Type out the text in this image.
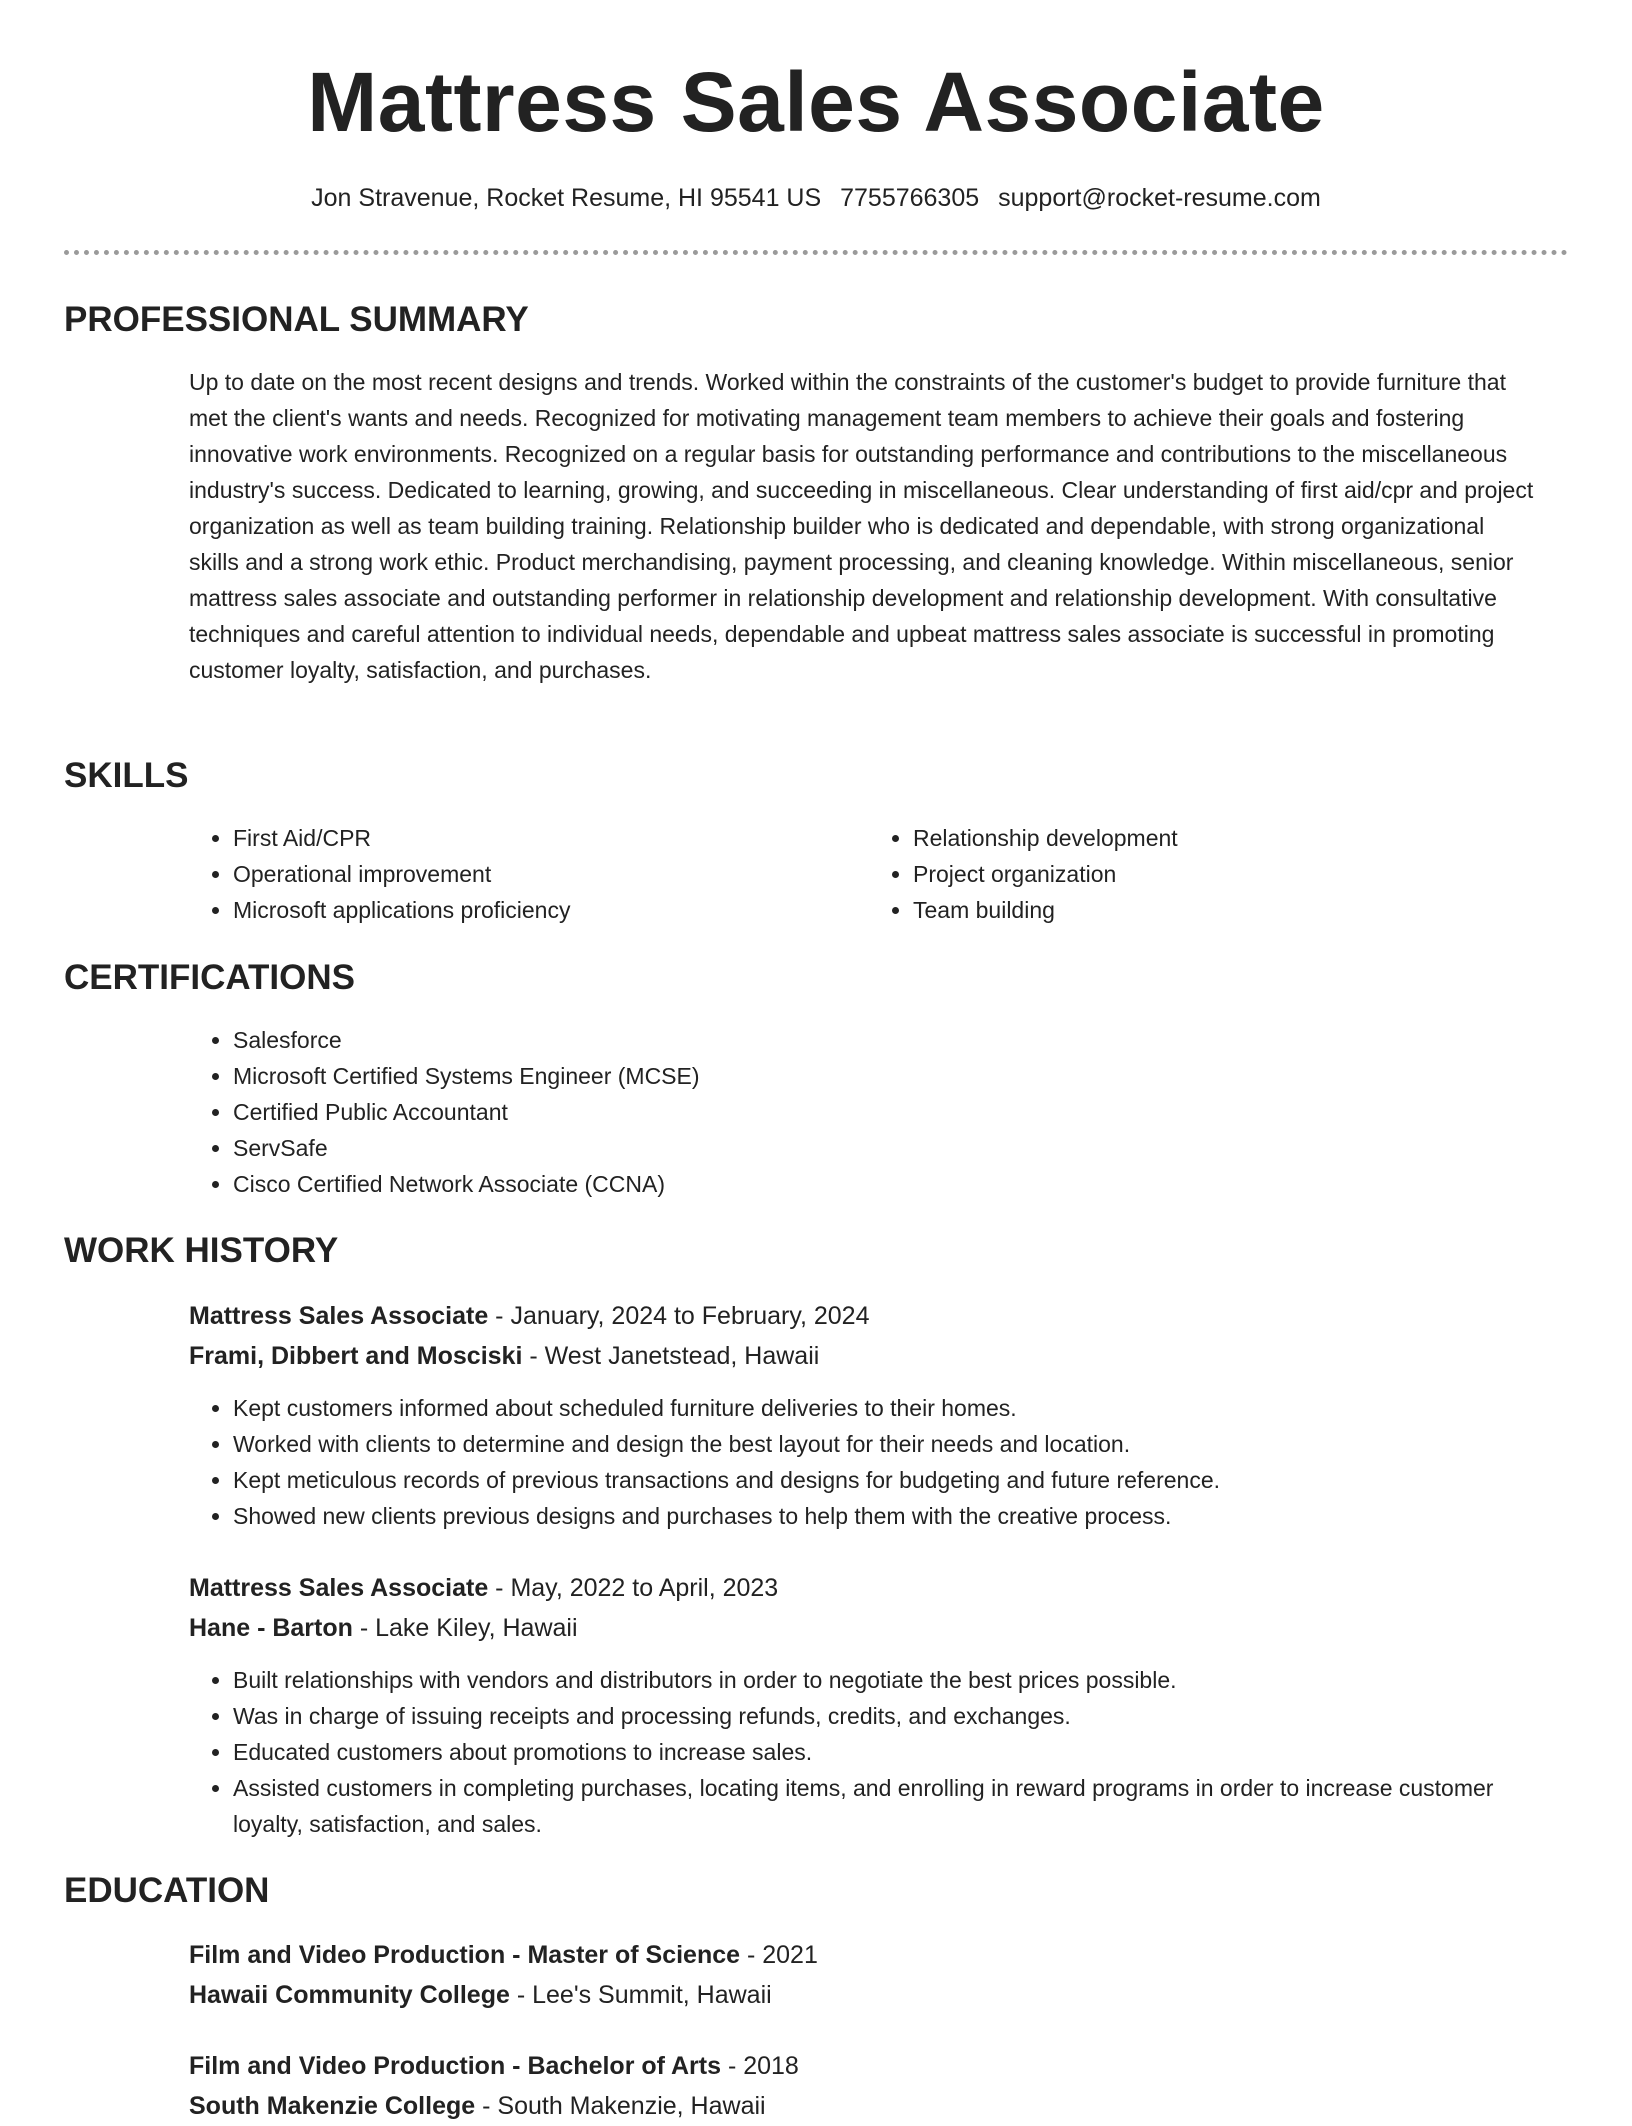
Mattress Sales Associate
Jon Stravenue, Rocket Resume, HI 95541 US 7755766305 support@rocket-resume.com
PROFESSIONAL SUMMARY
Up to date on the most recent designs and trends. Worked within the constraints of the customer's budget to provide furniture that met the client's wants and needs. Recognized for motivating management team members to achieve their goals and fostering innovative work environments. Recognized on a regular basis for outstanding performance and contributions to the miscellaneous industry's success. Dedicated to learning, growing, and succeeding in miscellaneous. Clear understanding of first aid/cpr and project organization as well as team building training. Relationship builder who is dedicated and dependable, with strong organizational skills and a strong work ethic. Product merchandising, payment processing, and cleaning knowledge. Within miscellaneous, senior mattress sales associate and outstanding performer in relationship development and relationship development. With consultative techniques and careful attention to individual needs, dependable and upbeat mattress sales associate is successful in promoting customer loyalty, satisfaction, and purchases.
SKILLS
• First Aid/CPR
• Operational improvement
• Microsoft applications proficiency
• Relationship development
• Project organization
• Team building
CERTIFICATIONS
• Salesforce
• Microsoft Certified Systems Engineer (MCSE)
• Certified Public Accountant
• ServSafe
• Cisco Certified Network Associate (CCNA)
WORK HISTORY
Mattress Sales Associate - January, 2024 to February, 2024
Frami, Dibbert and Mosciski - West Janetstead, Hawaii
• Kept customers informed about scheduled furniture deliveries to their homes.
• Worked with clients to determine and design the best layout for their needs and location.
• Kept meticulous records of previous transactions and designs for budgeting and future reference.
• Showed new clients previous designs and purchases to help them with the creative process.
Mattress Sales Associate - May, 2022 to April, 2023
Hane - Barton - Lake Kiley, Hawaii
• Built relationships with vendors and distributors in order to negotiate the best prices possible.
• Was in charge of issuing receipts and processing refunds, credits, and exchanges.
• Educated customers about promotions to increase sales.
• Assisted customers in completing purchases, locating items, and enrolling in reward programs in order to increase customer loyalty, satisfaction, and sales.
EDUCATION
Film and Video Production - Master of Science - 2021
Hawaii Community College - Lee's Summit, Hawaii
Film and Video Production - Bachelor of Arts - 2018
South Makenzie College - South Makenzie, Hawaii
